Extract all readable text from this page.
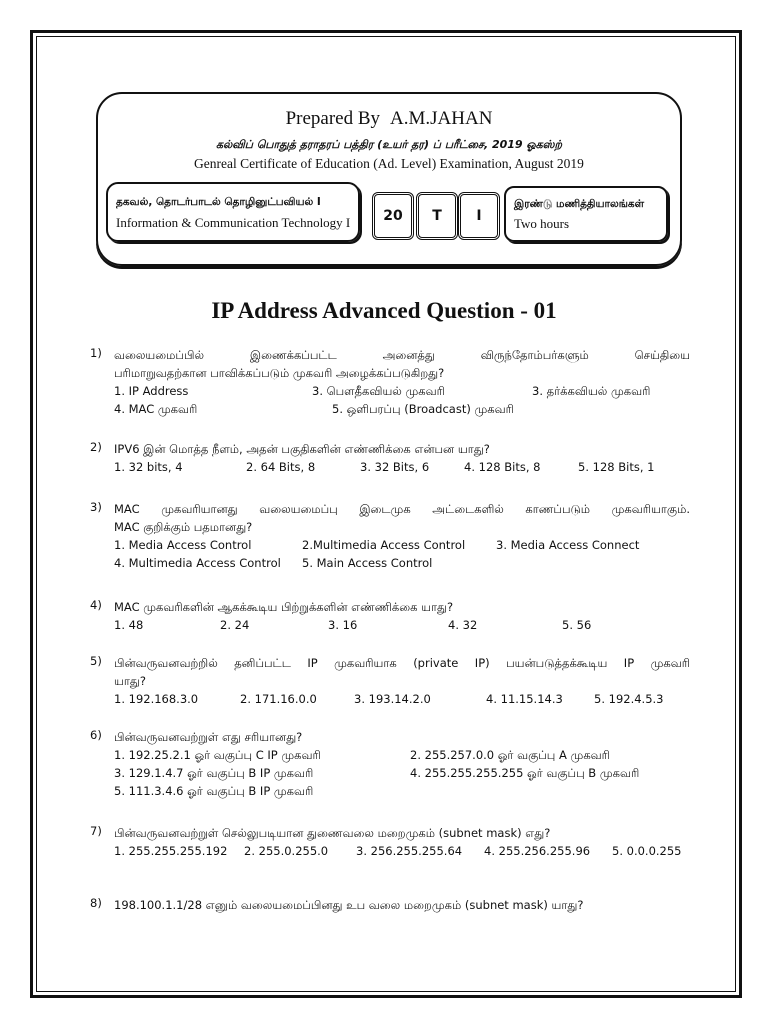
Prepared By A.M.JAHAN
கல்விப் பொதுத் தராதரப் பத்திர (உயர் தர) ப் பரீட்சை, 2019 ஓகஸ்ற்
Genreal Certificate of Education (Ad. Level) Examination, August 2019
தகவல், தொடர்பாடல் தொழினுட்பவியல் I
Information & Communication Technology I	20	T	I
இரண்டு மணித்தியாலங்கள்
Two hours
IP Address Advanced Question - 01
1) வலையமைப்பில் இணைக்கப்பட்ட அனைத்து விருந்தோம்பர்களும் செய்தியை
பரிமாறுவதற்கான பாவிக்கப்படும் முகவரி அழைக்கப்படுகிறது?
1. IP Address	3. பௌதீகவியல் முகவரி	3. தர்க்கவியல் முகவரி
4. MAC முகவரி	5. ஒளிபரப்பு (Broadcast) முகவரி
2) IPV6 இன் மொத்த நீளம், அதன் பகுதிகளின் எண்ணிக்கை என்பன யாது?
1. 32 bits, 4	2. 64 Bits, 8	3. 32 Bits, 6	4. 128 Bits, 8	5. 128 Bits, 1
3) MAC முகவரியானது வலையமைப்பு இடைமுக அட்டைகளில் காணப்படும் முகவரியாகும்.
MAC குறிக்கும் பதமானது?
1. Media Access Control	2.Multimedia Access Control	3. Media Access Connect
4. Multimedia Access Control 5. Main Access Control
4) MAC முகவரிகளின் ஆகக்கூடிய பிற்றுக்களின் எண்ணிக்கை யாது?
1. 48	2. 24	3. 16	4. 32	5. 56
5) பின்வருவனவற்றில் தனிப்பட்ட IP முகவரியாக (private IP) பயன்படுத்தக்கூடிய IP முகவரி
யாது?
1. 192.168.3.0	2. 171.16.0.0	3. 193.14.2.0	4. 11.15.14.3	5. 192.4.5.3
6) பின்வருவனவற்றுள் எது சரியானது?
1. 192.25.2.1 ஓர் வகுப்பு C IP முகவரி	2. 255.257.0.0 ஓர் வகுப்பு A முகவரி
3. 129.1.4.7 ஓர் வகுப்பு B IP முகவரி	4. 255.255.255.255 ஓர் வகுப்பு B முகவரி
5. 111.3.4.6 ஓர் வகுப்பு B IP முகவரி
7) பின்வருவனவற்றுள் செல்லுபடியான துணைவலை மறைமுகம் (subnet mask) எது?
1. 255.255.255.192 2. 255.0.255.0 3. 256.255.255.64 4. 255.256.255.96 5. 0.0.0.255
8) 198.100.1.1/28 எனும் வலையமைப்பினது உப வலை மறைமுகம் (subnet mask) யாது?
